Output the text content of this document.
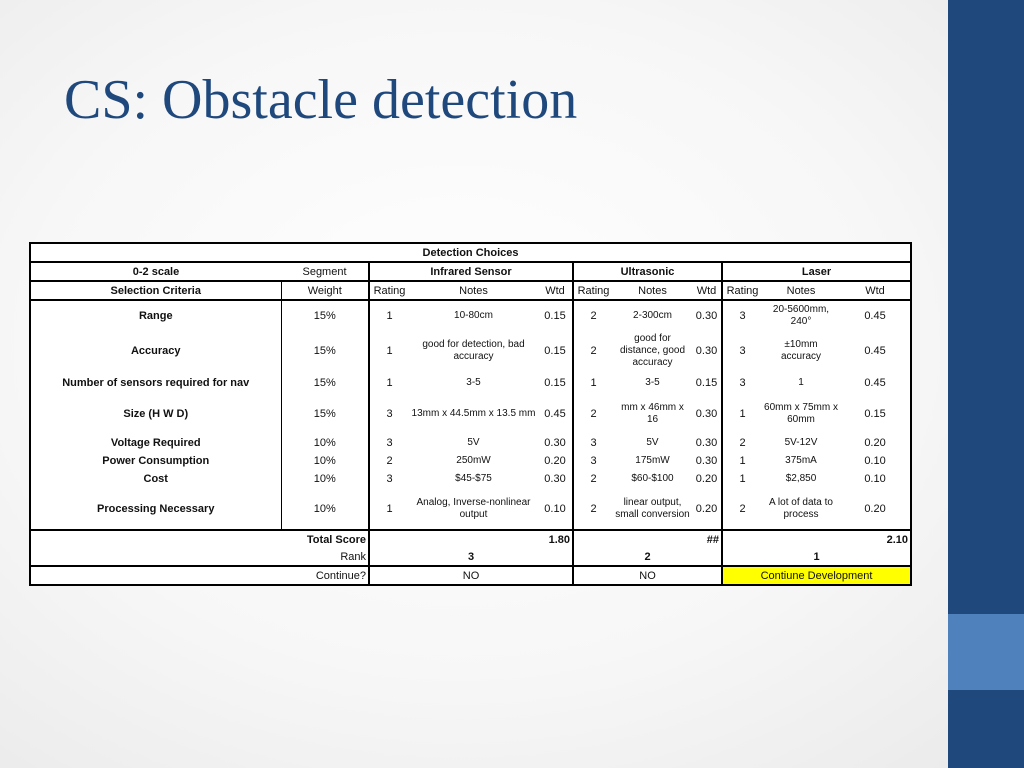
CS: Obstacle detection
Detection Choices										
0-2 scale	Segment	Infrared Sensor			Ultrasonic			Laser		
Selection Criteria	Weight	Rating	Notes	Wtd	Rating	Notes	Wtd	Rating	Notes	Wtd
Range	15%	1	10-80cm	0.15	2	2-300cm	0.30	3	20-5600mm, 240°	0.45
Accuracy	15%	1	good for detection, bad accuracy	0.15	2	good for distance, good accuracy	0.30	3	±10mm accuracy	0.45
Number of sensors required for nav	15%	1	3-5	0.15	1	3-5	0.15	3	1	0.45
Size (H W D)	15%	3	13mm x 44.5mm x 13.5 mm	0.45	2	mm x 46mm x 16	0.30	1	60mm x 75mm x 60mm	0.15
Voltage Required	10%	3	5V	0.30	3	5V	0.30	2	5V-12V	0.20
Power Consumption	10%	2	250mW	0.20	3	175mW	0.30	1	375mA	0.10
Cost	10%	3	$45-$75	0.30	2	$60-$100	0.20	1	$2,850	0.10
Processing Necessary	10%	1	Analog, Inverse-nonlinear output	0.10	2	linear output, small conversion	0.20	2	A lot of data to process	0.20
Total Score		1.80			##			2.10		
Rank		3			2			1		
Continue?		NO			NO			Contiune Development		
